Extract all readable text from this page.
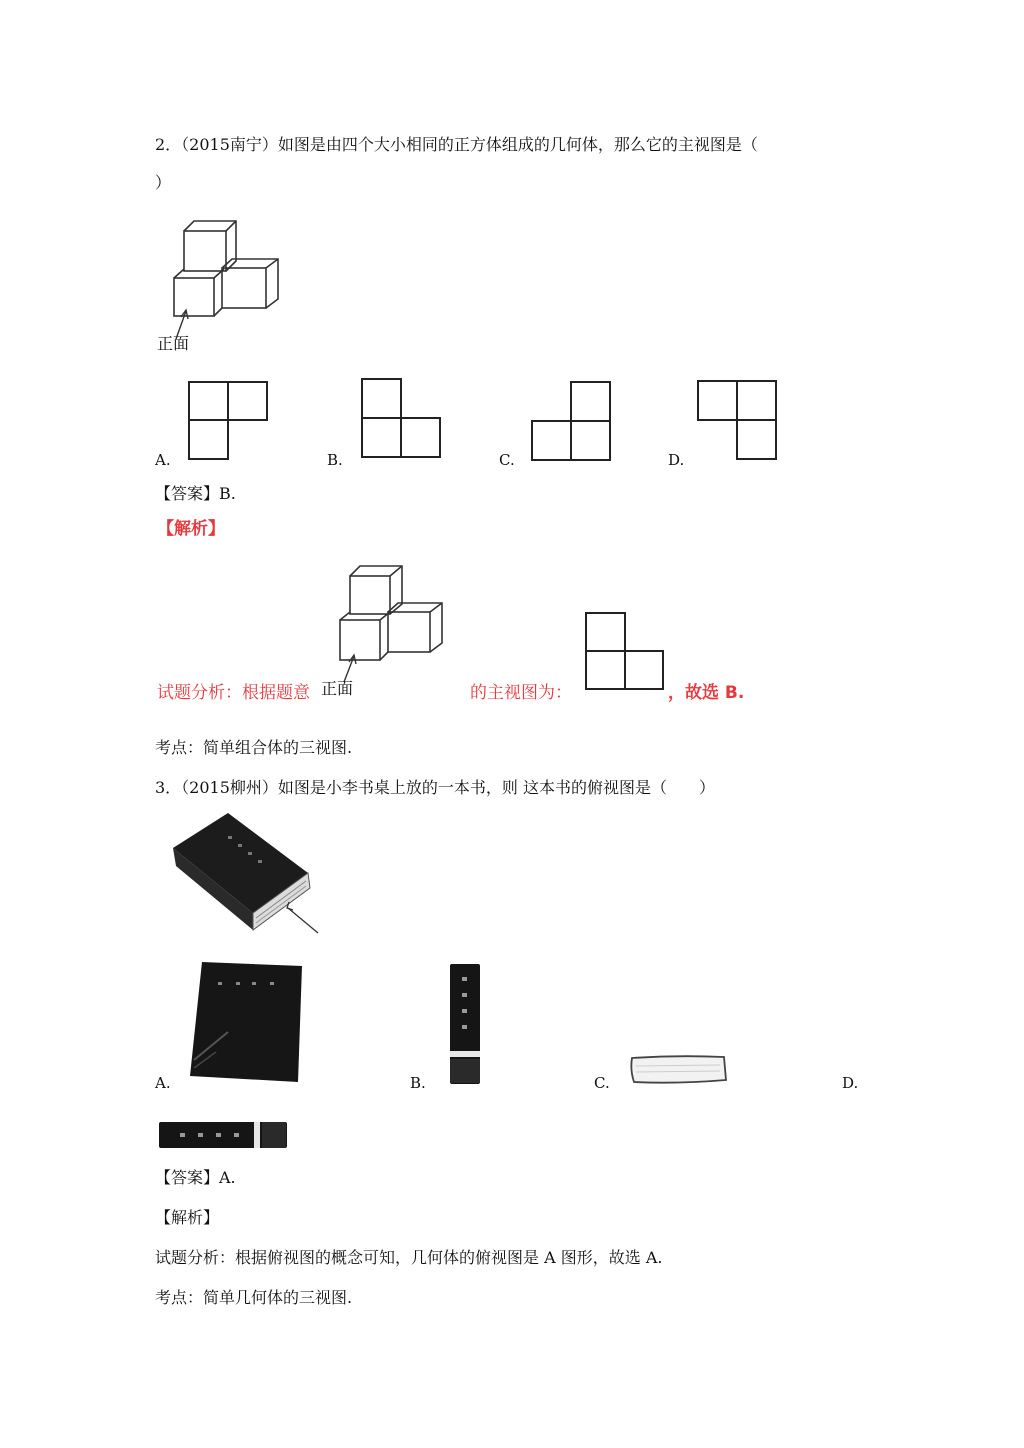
2．（2015南宁）如图是由四个大小相同的正方体组成的几何体，那么它的主视图是（
）
正面
A.	B.	C.	D.
【答案】B.
【解析】
正面
试题分析：根据题意	的主视图为：	，故选 B.
考点：简单组合体的三视图.
3．（2015柳州）如图是小李书桌上放的一本书，则 这本书的俯视图是（　　）
A.	B.	C.	D.
【答案】A.
【解析】
试题分析：根据俯视图的概念可知，几何体的俯视图是 A 图形，故选 A.
考点：简单几何体的三视图.
